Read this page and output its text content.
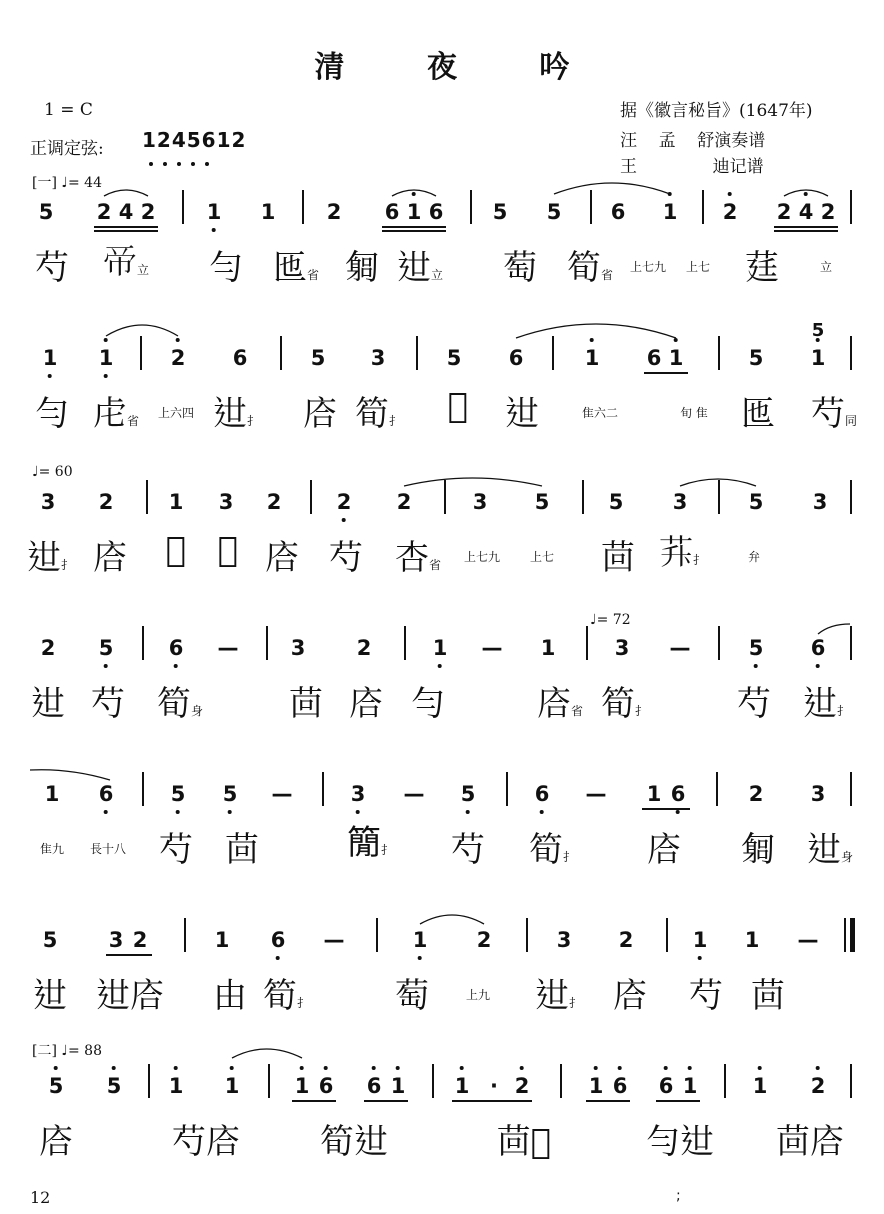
清 夜 吟
1 = C
正调定弦: 1245612
据《徽言秘旨》(1647年)
汪    孟    舒演奏谱
王              迪记谱
[一] ♩= 44
♩= 60
♩= 72
[二] ♩= 88
5 2 4 2 1 1 2 6 1 6 5 5 6 1 2 2 4 2
芍 𢂇立 勻 匜省 匔 𨑬立 萄 筍省
上七九 上七 莛	立
1 1	2 6	5 3	5 6	1 6 1	5 1
5
勻 虍省
上六四 𨑬扌 𢈈 筍扌 𦬒 𨑬	隹六二	旬 隹 匜 芍同
3 2	1 3 2	2 2	3 5	5 3	5 3
𨑬扌 𢈈 𠣌 𧆞 𢈈 芍 杏省
上七九 上七 茴 𦭊扌	弁
2 5	6 — 3 2	1 — 1	3 —	5 6
𨑬 芍 筍身	茴 𢈈 勻	𢈈省 筍扌	芍 𨑬扌
1 6	5 5 —	3 — 5	6 — 1 6	2 3
隹九 長十八 芍 茴	𥳑扌 芍 筍扌 𢈈 匔 𨑬身
5 3 2	1 6 —	1 2	3 2	1 1 —
𨑬 𨑬𢈈 由 筍扌	萄	上九 𨑬扌 𢈈 芍 茴
5 5 1 1	1 6 6 1 1 · 2	1 6 6 1	1 2
𢈈	芍𢈈 筍𨑬	茴𡊮	勻𨑬 茴𢈈
12	;
